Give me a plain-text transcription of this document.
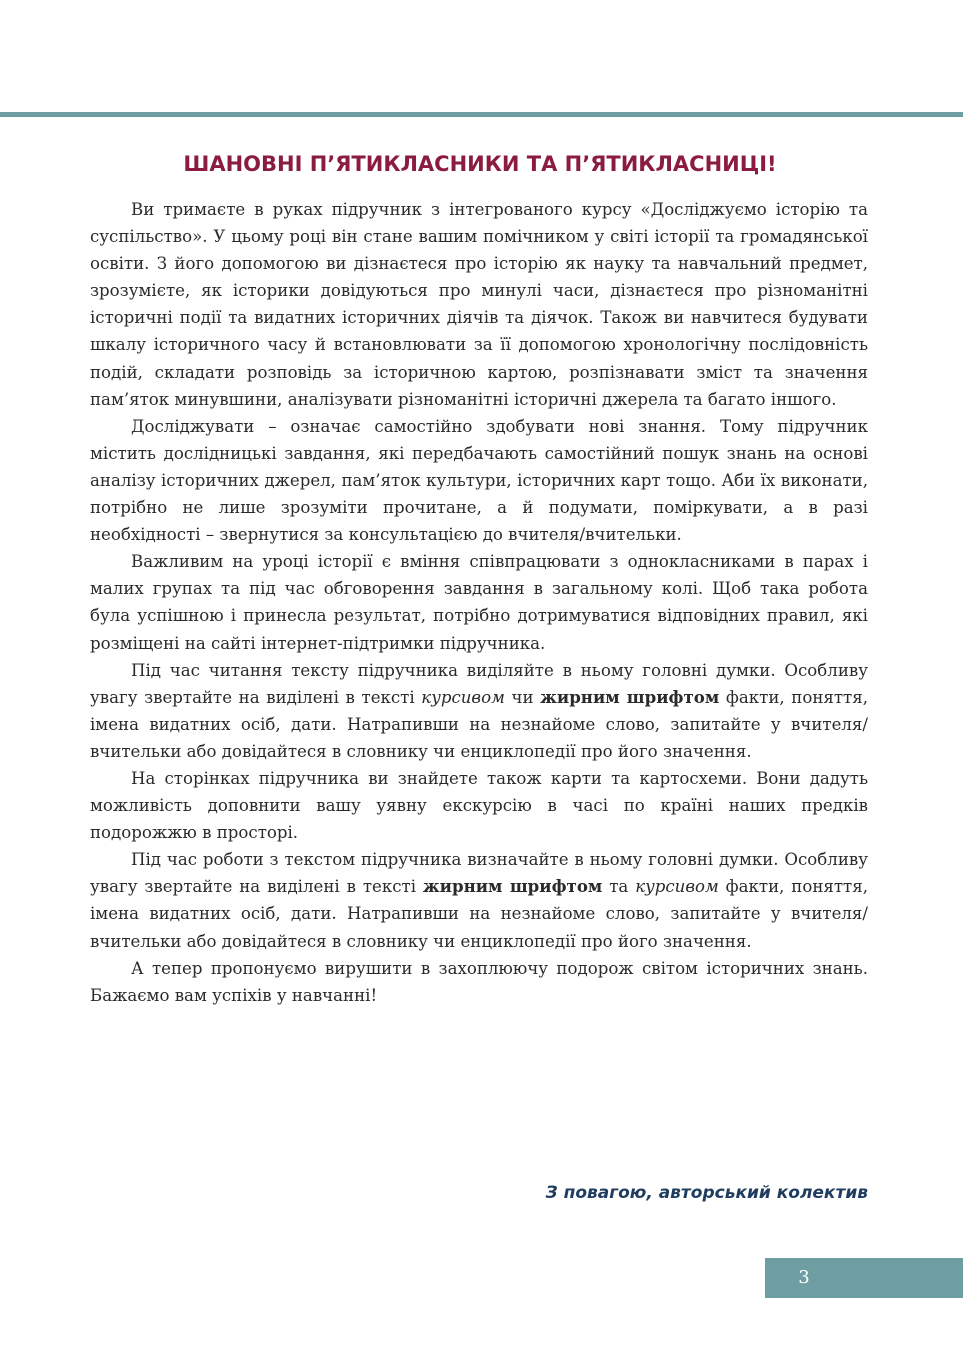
ШАНОВНІ П’ЯТИКЛАСНИКИ ТА П’ЯТИКЛАСНИЦІ!

Ви тримаєте в руках підручник з інтегрованого курсу «Досліджуємо історію та суспільство». У цьому році він стане вашим помічником у світі історії та громадянської освіти. З його допомогою ви дізнаєтеся про історію як науку та навчальний предмет, зрозумієте, як історики довідуються про минулі часи, дізнаєтеся про різноманітні історичні події та видатних історичних діячів та діячок. Також ви навчитеся будувати шкалу історичного часу й встановлювати за її допомогою хронологічну послідовність подій, складати розповідь за історичною картою, розпізнавати зміст та значення пам’яток минувшини, аналізувати різноманітні історичні джерела та багато іншого.

Досліджувати – означає самостійно здобувати нові знання. Тому підручник містить дослідницькі завдання, які передбачають самостійний пошук знань на основі аналізу історичних джерел, пам’яток культури, історичних карт тощо. Аби їх виконати, потрібно не лише зрозуміти прочитане, а й подумати, поміркувати, а в разі необхідності – звернутися за консультацією до вчителя/вчительки.

Важливим на уроці історії є вміння співпрацювати з однокласниками в парах і малих групах та під час обговорення завдання в загальному колі. Щоб така робота була успішною і принесла результат, потрібно дотримуватися відповідних правил, які розміщені на сайті інтернет-підтримки підручника.

Під час читання тексту підручника виділяйте в ньому головні думки. Особливу увагу звертайте на виділені в тексті курсивом чи жирним шрифтом факти, поняття, імена видатних осіб, дати. Натрапивши на незнайоме слово, запитайте у вчителя/вчительки або довідайтеся в словнику чи енциклопедії про його значення.

На сторінках підручника ви знайдете також карти та картосхеми. Вони дадуть можливість доповнити вашу уявну екскурсію в часі по країні наших предків подорожжю в просторі.

Під час роботи з текстом підручника визначайте в ньому головні думки. Особливу увагу звертайте на виділені в тексті жирним шрифтом та курсивом факти, поняття, імена видатних осіб, дати. Натрапивши на незнайоме слово, запитайте у вчителя/вчительки або довідайтеся в словнику чи енциклопедії про його значення.

А тепер пропонуємо вирушити в захоплюючу подорож світом історичних знань. Бажаємо вам успіхів у навчанні!

З повагою, авторський колектив

3
